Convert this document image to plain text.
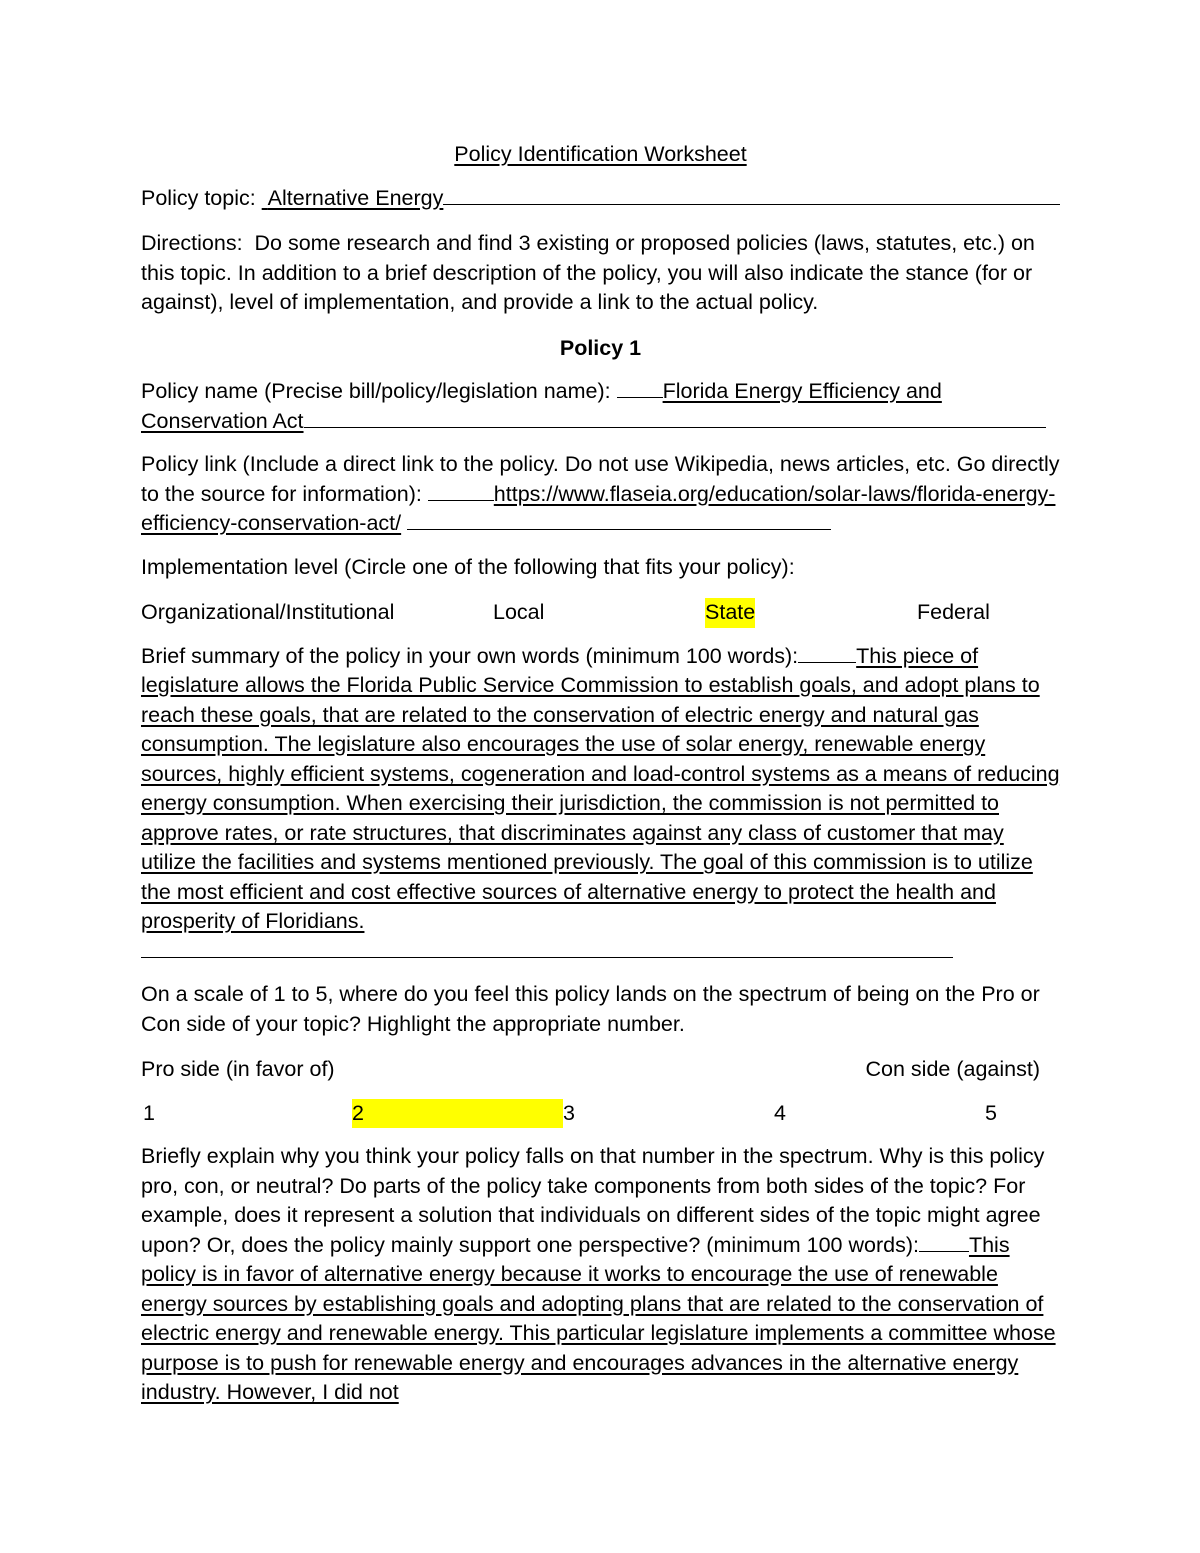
Policy Identification Worksheet
Policy topic:
Alternative Energy
Directions:  Do some research and find 3 existing or proposed policies (laws, statutes, etc.) on this topic. In addition to a brief description of the policy, you will also indicate the stance (for or against), level of implementation, and provide a link to the actual policy.
Policy 1
Policy name (Precise bill/policy/legislation name): Florida Energy Efficiency and Conservation Act
Policy link (Include a direct link to the policy. Do not use Wikipedia, news articles, etc. Go directly to the source for information):	https://www.flaseia.org/education/solar-laws/florida-energy-efficiency-conservation-act/
Implementation level (Circle one of the following that fits your policy):
Organizational/Institutional	Local	State	Federal
Brief summary of the policy in your own words (minimum 100 words):	This piece of legislature allows the Florida Public Service Commission to establish goals, and adopt plans to reach these goals, that are related to the conservation of electric energy and natural gas consumption. The legislature also encourages the use of solar energy, renewable energy sources, highly efficient systems, cogeneration and load-control systems as a means of reducing energy consumption. When exercising their jurisdiction, the commission is not permitted to approve rates, or rate structures, that discriminates against any class of customer that may utilize the facilities and systems mentioned previously. The goal of this commission is to utilize the most efficient and cost effective sources of alternative energy to protect the health and prosperity of Floridians.
On a scale of 1 to 5, where do you feel this policy lands on the spectrum of being on the Pro or Con side of your topic? Highlight the appropriate number.
Pro side (in favor of)	Con side (against)
1	2	3	4	5
Briefly explain why you think your policy falls on that number in the spectrum. Why is this policy pro, con, or neutral? Do parts of the policy take components from both sides of the topic? For example, does it represent a solution that individuals on different sides of the topic might agree upon? Or, does the policy mainly support one perspective? (minimum 100 words): This policy is in favor of alternative energy because it works to encourage the use of renewable energy sources by establishing goals and adopting plans that are related to the conservation of electric energy and renewable energy. This particular legislature implements a committee whose purpose is to push for renewable energy and encourages advances in the alternative energy industry. However, I did not
